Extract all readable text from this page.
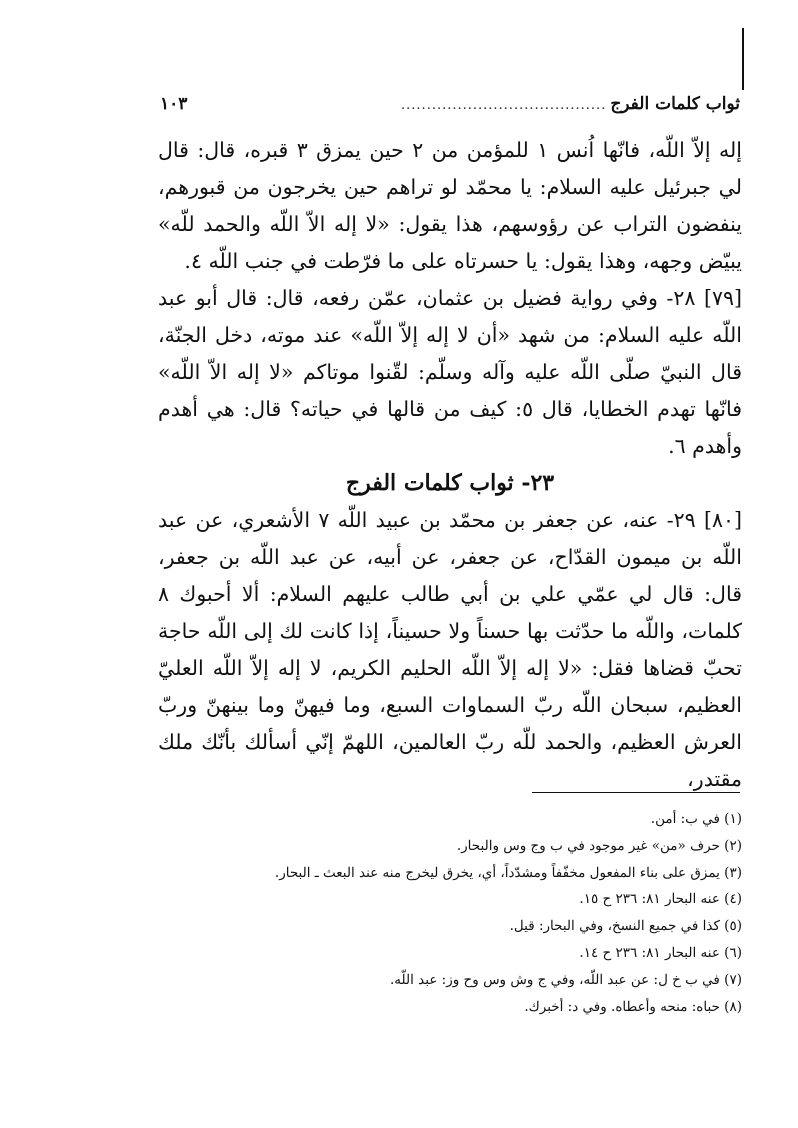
ثواب كلمات الفرج
........................................
١٠٣

إله إلاّ اللّه، فانّها اُنس ١ للمؤمن من ٢ حين يمزق ٣ قبره، قال: قال لي جبرئيل عليه السلام: يا محمّد لو تراهم حين يخرجون من قبورهم، ينفضون التراب عن رؤوسهم، هذا يقول: «لا إله الاّ اللّه والحمد للّه» يبيّض وجهه، وهذا يقول: يا حسرتاه على ما فرّطت في جنب اللّه ٤.

[٧٩] ٢٨- وفي رواية فضيل بن عثمان، عمّن رفعه، قال: قال أبو عبد اللّه عليه السلام: من شهد «أن لا إله إلاّ اللّه» عند موته، دخل الجنّة، قال النبيّ صلّى اللّه عليه وآله وسلّم: لقّنوا موتاكم «لا إله الاّ اللّه» فانّها تهدم الخطايا، قال ٥: كيف من قالها في حياته؟ قال: هي أهدم وأهدم ٦.

٢٣- ثواب كلمات الفرج

[٨٠] ٢٩- عنه، عن جعفر بن محمّد بن عبيد اللّه ٧ الأشعري، عن عبد اللّه بن ميمون القدّاح، عن جعفر، عن أبيه، عن عبد اللّه بن جعفر، قال: قال لي عمّي علي بن أبي طالب عليهم السلام: ألا أحبوك ٨ كلمات، واللّه ما حدّثت بها حسناً ولا حسيناً، إذا كانت لك إلى اللّه حاجة تحبّ قضاها فقل: «لا إله إلاّ اللّه الحليم الكريم، لا إله إلاّ اللّه العليّ العظيم، سبحان اللّه ربّ السماوات السبع، وما فيهنّ وما بينهنّ وربّ العرش العظيم، والحمد للّه ربّ العالمين، اللهمّ إنّي أسألك بأنّك ملك مقتدر،

(١) في ب: أمن.

(٢) حرف «من» غير موجود في ب وج وس والبحار.

(٣) يمزق على بناء المفعول مخفّفاً ومشدّداً، أي، يخرق ليخرج منه عند البعث ـ البحار.

(٤) عنه البحار ٨١: ٢٣٦ ح ١٥.

(٥) كذا في جميع النسخ، وفي البحار: قيل.

(٦) عنه البحار ٨١: ٢٣٦ ح ١٤.

(٧) في ب خ ل: عن عبد اللّه، وفي ج وش وس وح وز: عبد اللّه.

(٨) حباه: منحه وأعطاه. وفي د: أخبرك.
